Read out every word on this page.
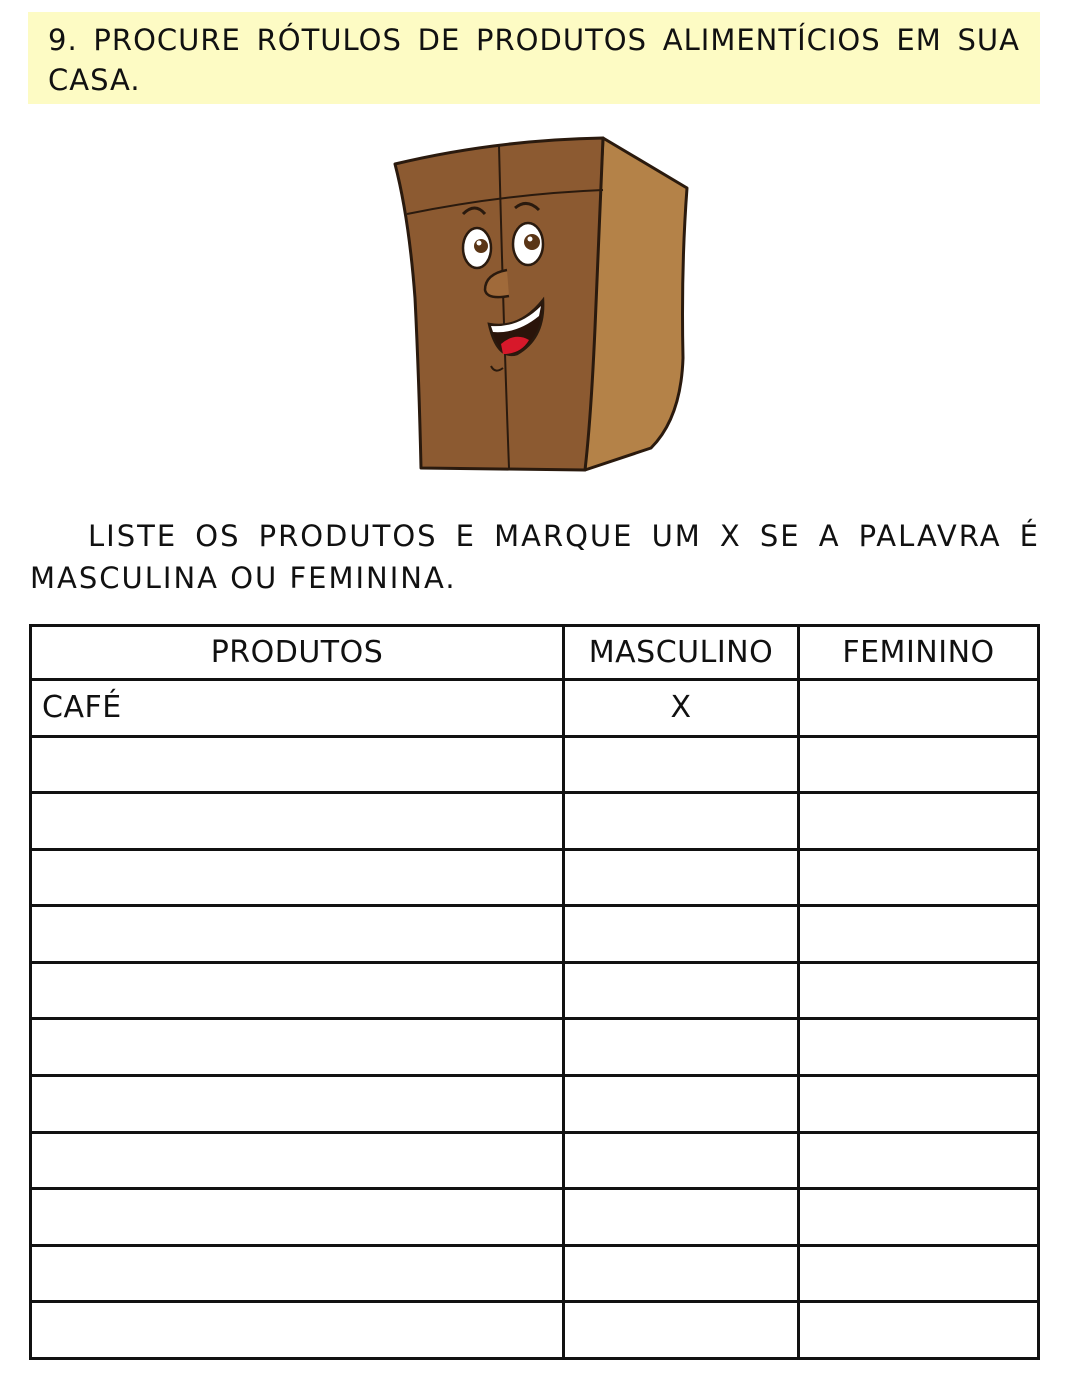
9. PROCURE RÓTULOS DE PRODUTOS ALIMENTÍCIOS EM SUA CASA.

LISTE OS PRODUTOS E MARQUE UM X SE A PALAVRA É MASCULINA OU FEMININA.

PRODUTOS	MASCULINO	FEMININO
CAFÉ	X	
